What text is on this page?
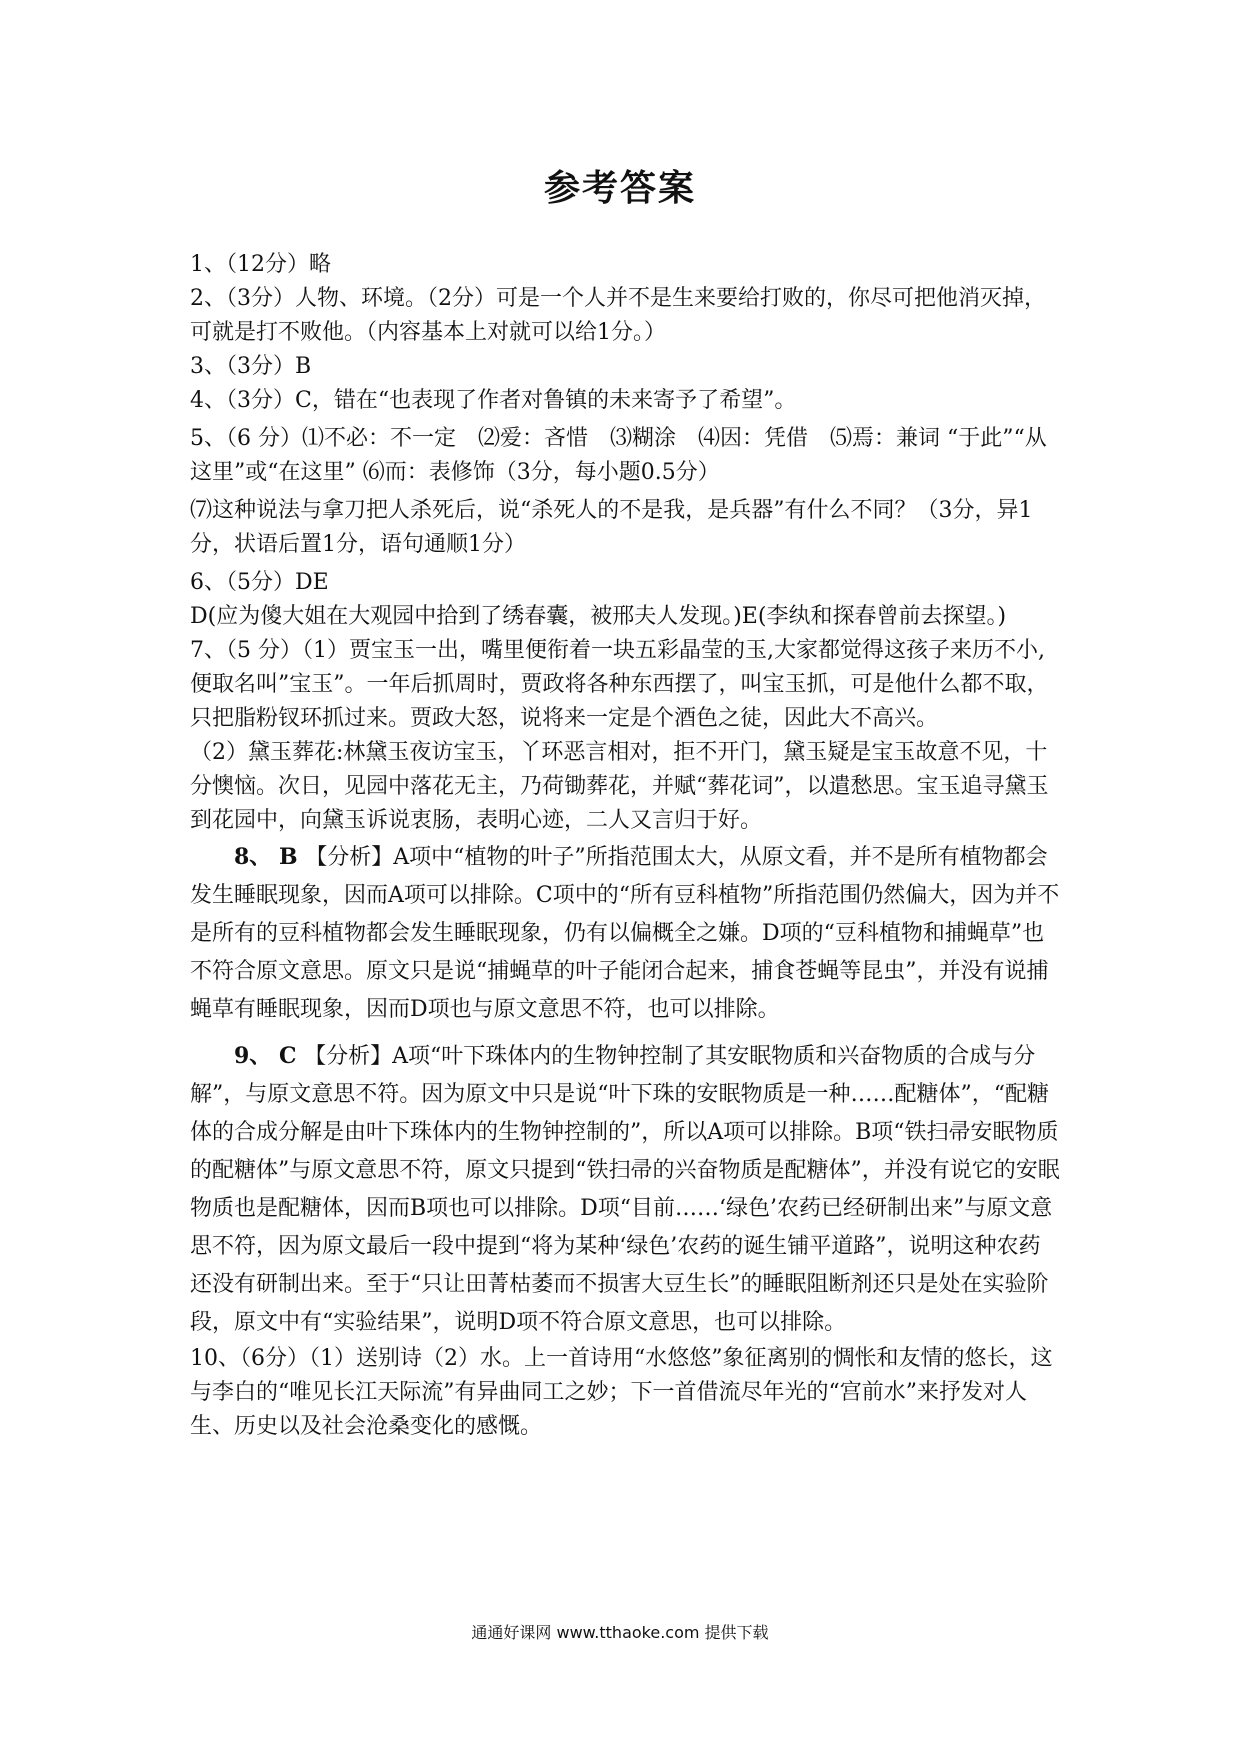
参考答案

1、（12分）略

2、（3分）人物、环境。（2分）可是一个人并不是生来要给打败的，你尽可把他消灭掉，可就是打不败他。（内容基本上对就可以给1分。）

3、（3分）B

4、（3分）C，错在“也表现了作者对鲁镇的未来寄予了希望”。

5、（6 分）⑴不必：不一定　⑵爱：吝惜　⑶糊涂　⑷因：凭借　⑸焉：兼词 “于此”“从这里”或“在这里” ⑹而：表修饰（3分，每小题0.5分）

⑺这种说法与拿刀把人杀死后，说“杀死人的不是我，是兵器”有什么不同？（3分，异1分，状语后置1分，语句通顺1分）

6、（5分）DE

D(应为傻大姐在大观园中拾到了绣春囊，被邢夫人发现。)E(李纨和探春曾前去探望。)

7、（5 分）（1）贾宝玉一出，嘴里便衔着一块五彩晶莹的玉,大家都觉得这孩子来历不小,便取名叫”宝玉”。一年后抓周时，贾政将各种东西摆了，叫宝玉抓，可是他什么都不取，只把脂粉钗环抓过来。贾政大怒，说将来一定是个酒色之徒，因此大不高兴。

（2）黛玉葬花:林黛玉夜访宝玉，丫环恶言相对，拒不开门，黛玉疑是宝玉故意不见，十分懊恼。次日，见园中落花无主，乃荷锄葬花，并赋“葬花词”，以遣愁思。宝玉追寻黛玉到花园中，向黛玉诉说衷肠，表明心迹，二人又言归于好。

8、 B 【分析】A项中“植物的叶子”所指范围太大，从原文看，并不是所有植物都会发生睡眠现象，因而A项可以排除。C项中的“所有豆科植物”所指范围仍然偏大，因为并不是所有的豆科植物都会发生睡眠现象，仍有以偏概全之嫌。D项的“豆科植物和捕蝇草”也不符合原文意思。原文只是说“捕蝇草的叶子能闭合起来，捕食苍蝇等昆虫”，并没有说捕蝇草有睡眠现象，因而D项也与原文意思不符，也可以排除。

9、 C 【分析】A项“叶下珠体内的生物钟控制了其安眠物质和兴奋物质的合成与分解”，与原文意思不符。因为原文中只是说“叶下珠的安眠物质是一种……配糖体”，“配糖体的合成分解是由叶下珠体内的生物钟控制的”，所以A项可以排除。B项“铁扫帚安眠物质的配糖体”与原文意思不符，原文只提到“铁扫帚的兴奋物质是配糖体”，并没有说它的安眠物质也是配糖体，因而B项也可以排除。D项“目前……‘绿色’农药已经研制出来”与原文意思不符，因为原文最后一段中提到“将为某种‘绿色’农药的诞生铺平道路”，说明这种农药还没有研制出来。至于“只让田菁枯萎而不损害大豆生长”的睡眠阻断剂还只是处在实验阶段，原文中有“实验结果”，说明D项不符合原文意思，也可以排除。

10、（6分）（1）送别诗（2）水。上一首诗用“水悠悠”象征离别的惆怅和友情的悠长，这与李白的“唯见长江天际流”有异曲同工之妙；下一首借流尽年光的“宫前水”来抒发对人生、历史以及社会沧桑变化的感慨。

通通好课网 www.tthaoke.com 提供下载
